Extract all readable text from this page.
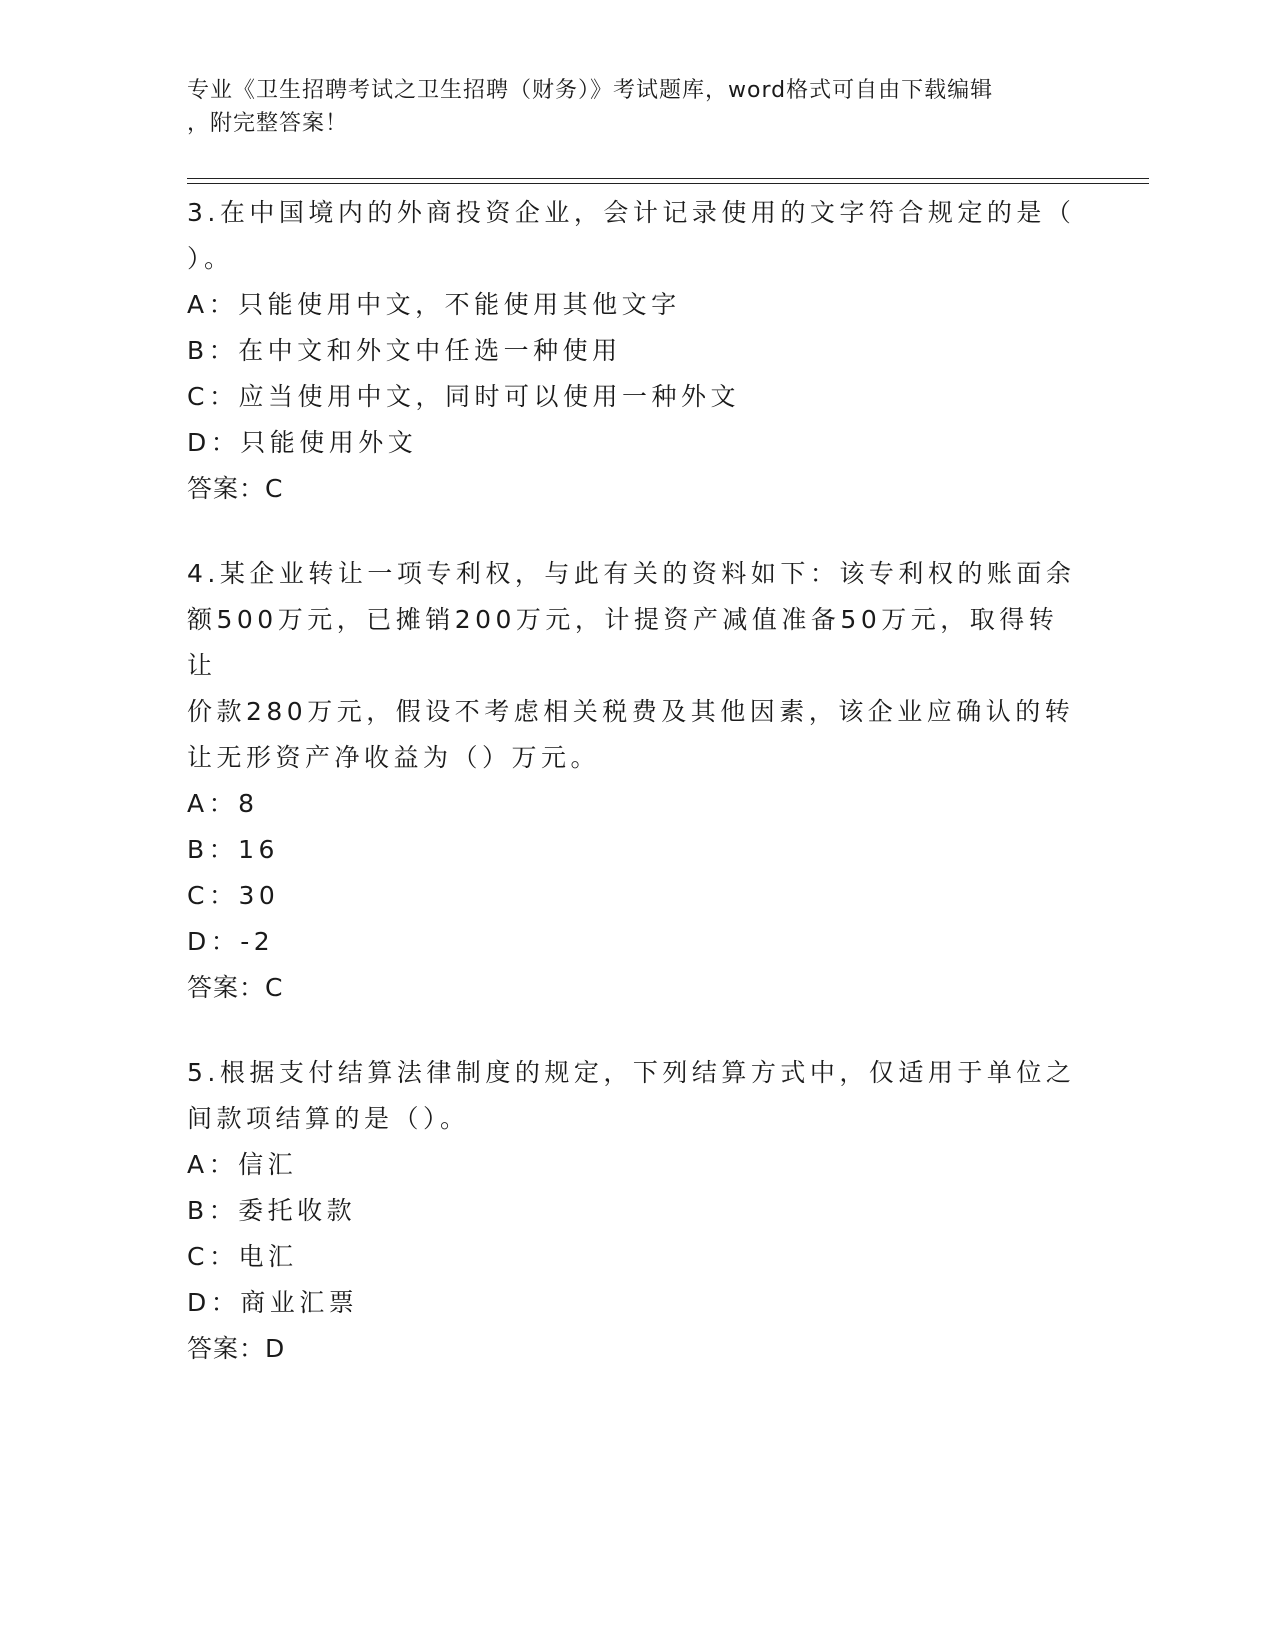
专业《卫生招聘考试之卫生招聘（财务）》考试题库，word格式可自由下载编辑
，附完整答案！
3.在中国境内的外商投资企业，会计记录使用的文字符合规定的是（
）。
A：只能使用中文，不能使用其他文字
B：在中文和外文中任选一种使用
C：应当使用中文，同时可以使用一种外文
D：只能使用外文
答案：C
4.某企业转让一项专利权，与此有关的资料如下：该专利权的账面余
额500万元，已摊销200万元，计提资产减值准备50万元，取得转让
价款280万元，假设不考虑相关税费及其他因素，该企业应确认的转
让无形资产净收益为（）万元。
A：8
B：16
C：30
D：-2
答案：C
5.根据支付结算法律制度的规定，下列结算方式中，仅适用于单位之
间款项结算的是（）。
A：信汇
B：委托收款
C：电汇
D：商业汇票
答案：D
